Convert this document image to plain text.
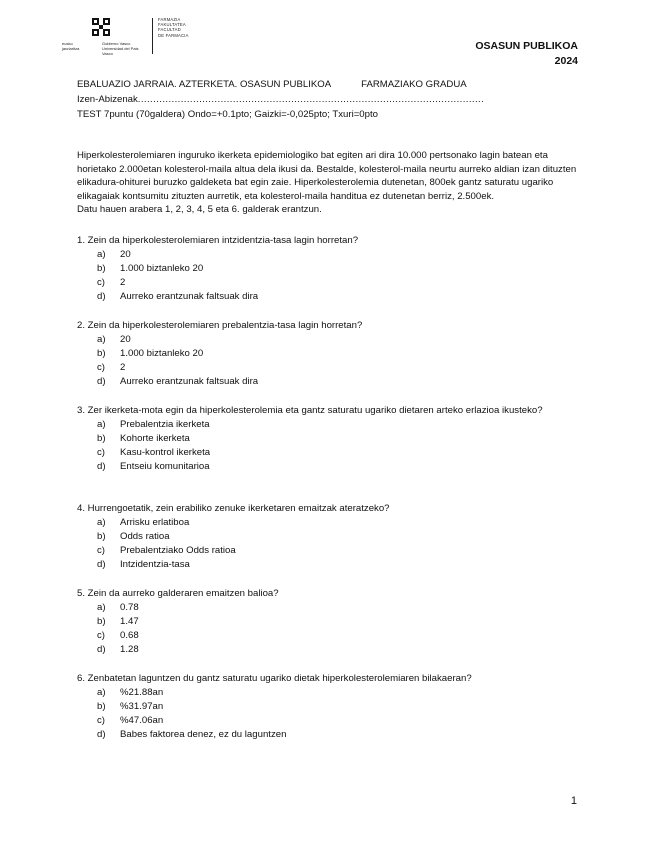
eusko
jaurlaritza
Gobierno Vasco
Universidad del Pais Vasco
FARMAZIA
FAKULTATEA
FACULTAD
DE FARMACIA
OSASUN PUBLIKOA
2024
EBALUAZIO JARRAIA. AZTERKETA. OSASUN PUBLIKOA	FARMAZIAKO GRADUA
Izen-Abizenak.................................................................................................................
TEST 7puntu (70galdera) Ondo=+0.1pto; Gaizki=-0,025pto; Txuri=0pto

Hiperkolesterolemiaren inguruko ikerketa epidemiologiko bat egiten ari dira 10.000 pertsonako lagin batean eta horietako 2.000etan kolesterol-maila altua dela ikusi da. Bestalde, kolesterol-maila neurtu aurreko aldian izan dituzten elikadura-ohiturei buruzko galdeketa bat egin zaie. Hiperkolesterolemia dutenetan, 800ek gantz saturatu ugariko elikagaiak kontsumitu zituzten aurretik, eta kolesterol-maila handitua ez dutenetan berriz, 2.500ek.

Datu hauen arabera 1, 2, 3, 4, 5 eta 6. galderak erantzun.

1. Zein da hiperkolesterolemiaren intzidentzia-tasa lagin horretan?
a)	20
b)	1.000 biztanleko 20
c)	2
d)	Aurreko erantzunak faltsuak dira
2. Zein da hiperkolesterolemiaren prebalentzia-tasa lagin horretan?
a)	20
b)	1.000 biztanleko 20
c)	2
d)	Aurreko erantzunak faltsuak dira
3. Zer ikerketa-mota egin da hiperkolesterolemia eta gantz saturatu ugariko dietaren arteko erlazioa ikusteko?
a)	Prebalentzia ikerketa
b)	Kohorte ikerketa
c)	Kasu-kontrol ikerketa
d)	Entseiu komunitarioa
4. Hurrengoetatik, zein erabiliko zenuke ikerketaren emaitzak ateratzeko?
a)	Arrisku erlatiboa
b)	Odds ratioa
c)	Prebalentziako Odds ratioa
d)	Intzidentzia-tasa
5. Zein da aurreko galderaren emaitzen balioa?
a)	0.78
b)	1.47
c)	0.68
d)	1.28
6. Zenbatetan laguntzen du gantz saturatu ugariko dietak hiperkolesterolemiaren bilakaeran?
a)	%21.88an
b)	%31.97an
c)	%47.06an
d)	Babes faktorea denez, ez du laguntzen
1
